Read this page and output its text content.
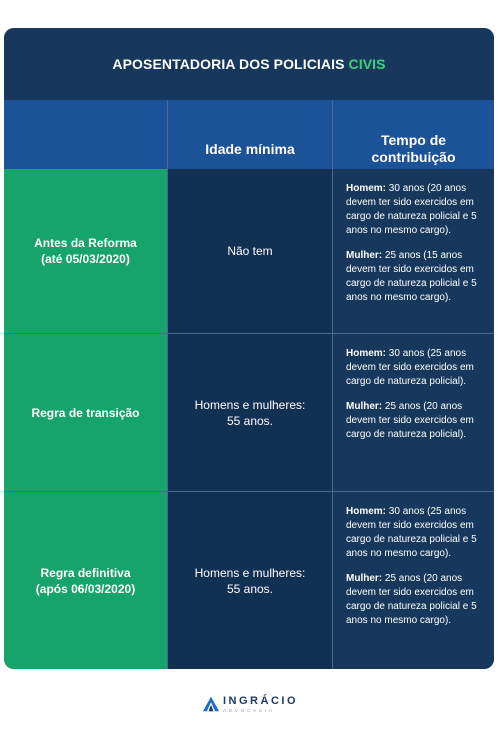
APOSENTADORIA DOS POLICIAIS CIVIS
Idade mínima
Tempo de contribuição
Antes da Reforma (até 05/03/2020)
Não tem

Homem: 30 anos (20 anos devem ter sido exercidos em cargo de natureza policial e 5 anos no mesmo cargo).

Mulher: 25 anos (15 anos devem ter sido exercidos em cargo de natureza policial e 5 anos no mesmo cargo).

Regra de transição
Homens e mulheres: 55 anos.

Homem: 30 anos (25 anos devem ter sido exercidos em cargo de natureza policial).

Mulher: 25 anos (20 anos devem ter sido exercidos em cargo de natureza policial).

Regra definitiva (após 06/03/2020)
Homens e mulheres: 55 anos.

Homem: 30 anos (25 anos devem ter sido exercidos em cargo de natureza policial e 5 anos no mesmo cargo).

Mulher: 25 anos (20 anos devem ter sido exercidos em cargo de natureza policial e 5 anos no mesmo cargo).

INGRÁCIO
ADVOCACIA
